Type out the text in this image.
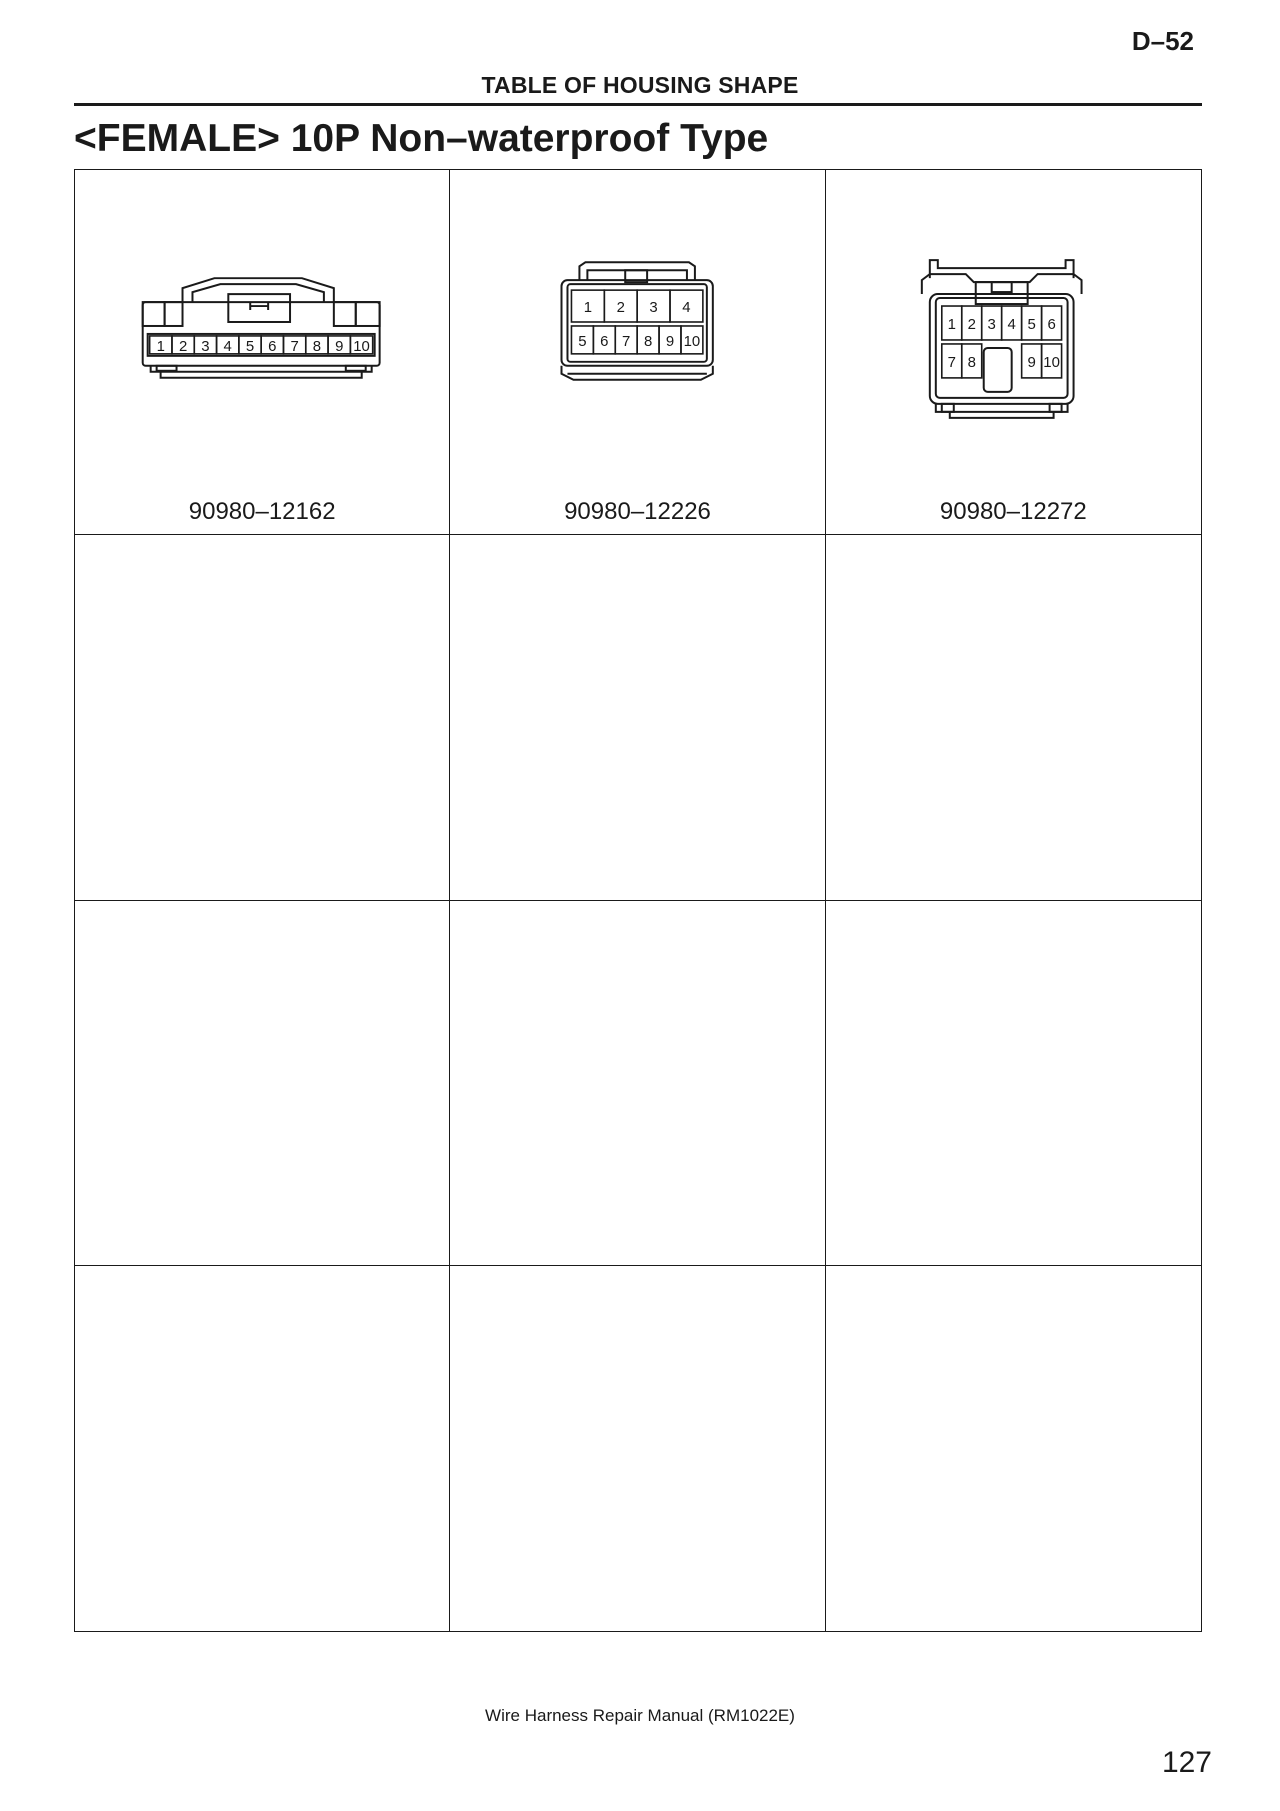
D–52
TABLE OF HOUSING SHAPE
<FEMALE> 10P Non–waterproof Type
1 2 3 4 5 6 7 8 9 10
90980–12162
1 2 3 4
5 6 7 8 9 10
90980–12226
1 2 3 4 5 6
7 8	9 10
90980–12272
Wire Harness Repair Manual (RM1022E)
127
